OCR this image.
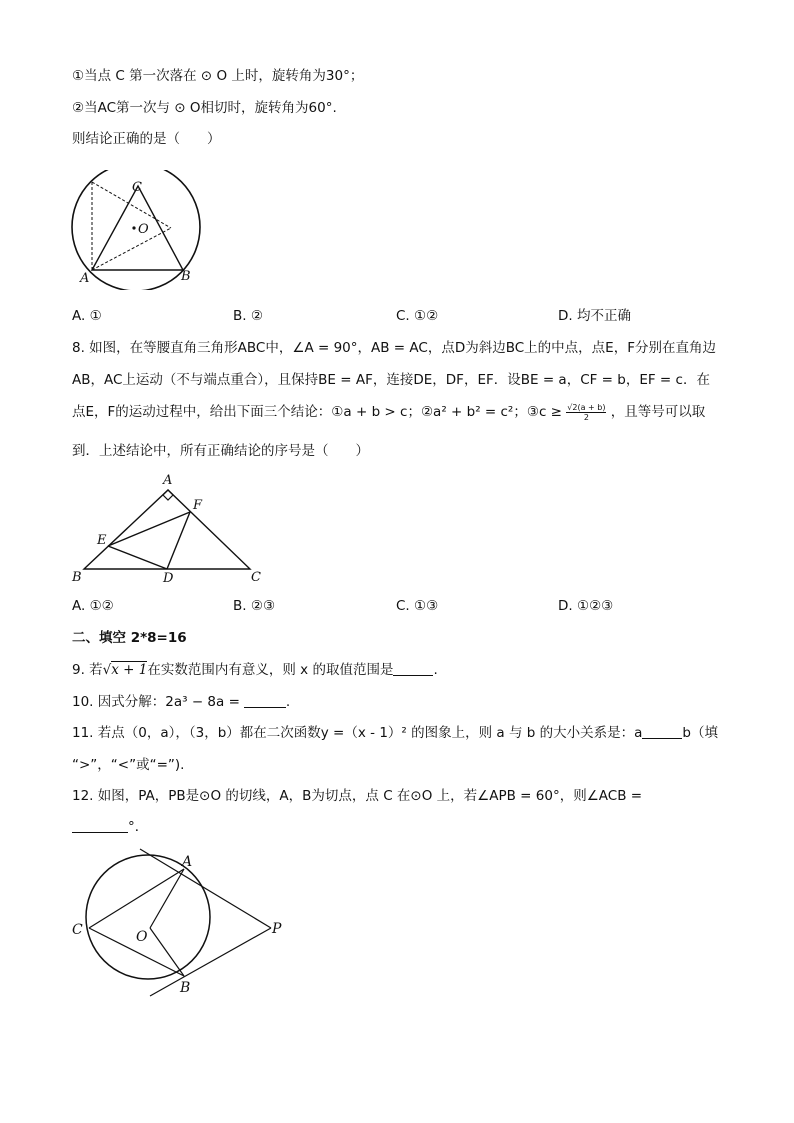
①当点 C 第一次落在 ⊙ O 上时，旋转角为30°；
②当AC第一次与 ⊙ O相切时，旋转角为60°.
则结论正确的是（　　）
C
O
A	B
A. ①	B. ②	C. ①②	D. 均不正确
8. 如图，在等腰直角三角形ABC中，∠A = 90°，AB = AC，点D为斜边BC上的中点，点E，F分别在直角边
AB，AC上运动（不与端点重合），且保持BE = AF，连接DE，DF，EF．设BE = a，CF = b，EF = c．在
点E，F的运动过程中，给出下面三个结论：①a + b > c；②a² + b² = c²；③c ≥ $\frac{√2(a + b)}{2}$ ，且等号可以取
到．上述结论中，所有正确结论的序号是（　　）
A
F
E
B	D	C
A. ①②	B. ②③	C. ①③	D. ①②③
二、填空 2*8=16
9. 若√x + 1在实数范围内有意义，则 x 的取值范围是	.
10. 因式分解：2a³ − 8a =	.
11. 若点（0，a），（3，b）都在二次函数y =（x - 1）² 的图象上，则 a 与 b 的大小关系是：a	b（填
“>”，“<”或“=”).
12. 如图，PA，PB是⊙O 的切线，A，B为切点，点 C 在⊙O 上，若∠APB = 60°，则∠ACB =
°．
A
C	O	P
B
